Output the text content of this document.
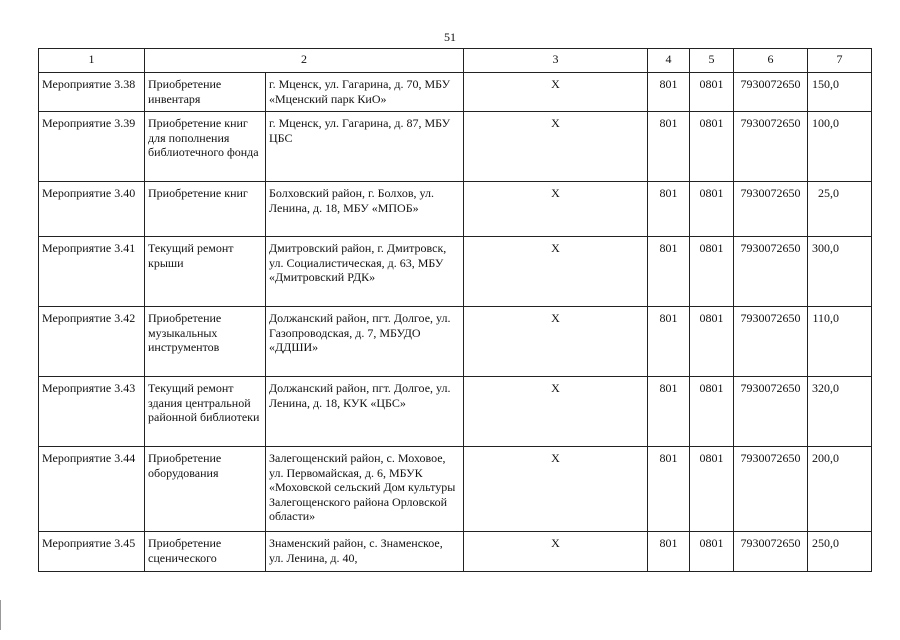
51
1	2		3	4	5	6	7
Мероприятие 3.38	Приобретение инвентаря	г. Мценск, ул. Гагарина, д. 70, МБУ «Мценский парк КиО»	X	801	0801	7930072650	150,0
Мероприятие 3.39	Приобретение книг для пополнения библиотечного фонда	г. Мценск, ул. Гагарина, д. 87, МБУ ЦБС	X	801	0801	7930072650	100,0
Мероприятие 3.40	Приобретение книг	Болховский район, г. Болхов, ул. Ленина, д. 18, МБУ «МПОБ»	X	801	0801	7930072650	25,0
Мероприятие 3.41	Текущий ремонт крыши	Дмитровский район, г. Дмитровск, ул. Социалистическая, д. 63, МБУ «Дмитровский РДК»	X	801	0801	7930072650	300,0
Мероприятие 3.42	Приобретение музыкальных инструментов	Должанский район, пгт. Долгое, ул. Газопроводская, д. 7, МБУДО «ДДШИ»	X	801	0801	7930072650	110,0
Мероприятие 3.43	Текущий ремонт здания центральной районной библиотеки	Должанский район, пгт. Долгое, ул. Ленина, д. 18, КУК «ЦБС»	X	801	0801	7930072650	320,0
Мероприятие 3.44	Приобретение оборудования	Залегощенский район, с. Моховое, ул. Первомайская, д. 6, МБУК «Моховской сельский Дом культуры Залегощенского района Орловской области»	X	801	0801	7930072650	200,0
Мероприятие 3.45	Приобретение сценического	Знаменский район, с. Знаменское, ул. Ленина, д. 40,	X	801	0801	7930072650	250,0
